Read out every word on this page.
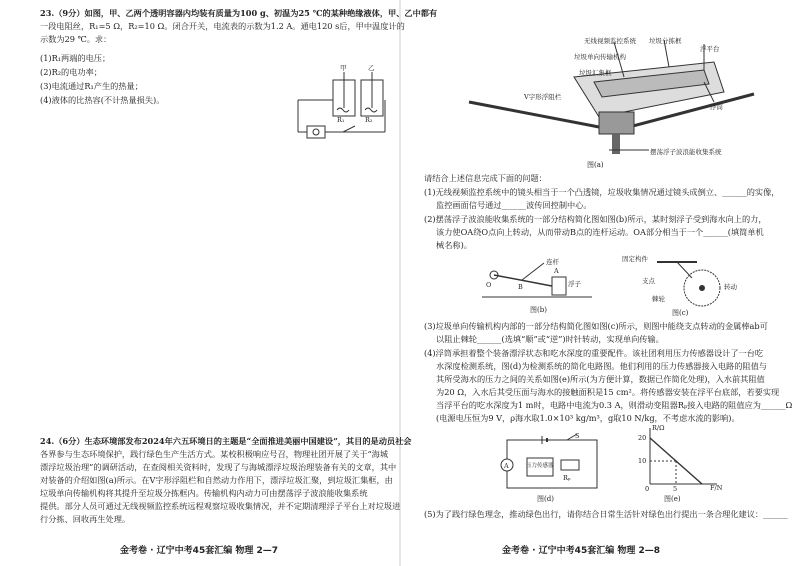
23.（9分）如图，甲、乙两个透明容器内均装有质量为100 g、初温为25 ℃的某种绝缘液体，甲、乙中都有
一段电阻丝，R₁=5 Ω，R₂=10 Ω。闭合开关，电流表的示数为1.2 A。通电120 s后，甲中温度计的
示数为29 ℃。求：
(1)R₁两端的电压；
(2)R₂的电功率；
(3)电流通过R₁产生的热量；
(4)液体的比热容(不计热量损失)。
甲	乙
R₁	R₂
24.（6分）生态环境部发布2024年六五环境日的主题是“全面推进美丽中国建设”，其目的是动员社会
各界参与生态环境保护，践行绿色生产生活方式。某校积极响应号召，物理社团开展了关于“海城
漂浮垃圾治理”的调研活动，在查阅相关资料时，发现了与海城漂浮垃圾治理装备有关的文章，其中
对装备的介绍如图(a)所示。在V字形浮阻栏和自然动力作用下，漂浮垃圾汇聚，到垃圾汇集框，由
垃圾单向传输机构将其提升至垃圾分拣框内。传输机构内动力可由摆荡浮子波浪能收集系统
提供。部分人员可通过无线视频监控系统远程观察垃圾收集情况，并不定期清理浮子平台上对垃圾进
行分拣、回收再生处理。
金考卷 · 辽宁中考45套汇编 物理 2—7
无线视频监控系统 垃圾分拣框
浮平台
垃圾单向传输机构
垃圾汇集框
V字形浮阻栏
浮筒
摆荡浮子波浪能收集系统
图(a)
请结合上述信息完成下面的问题：
(1)无线视频监控系统中的镜头相当于一个凸透镜，垃圾收集情况通过镜头成倒立、______的实像，
监控画面信号通过______波传回控制中心。
(2)摆荡浮子波浪能收集系统的一部分结构简化图如图(b)所示，某时刻浮子受到海水向上的力，
该力使OA绕O点向上转动，从而带动B点的连杆运动。OA部分相当于一个______(填简单机
械名称)。
连杆
浮子
O
A
B
图(b)
固定构件
支点
转动
棘轮
图(c)
(3)垃圾单向传输机构内部的一部分结构简化图如图(c)所示，则图中能绕支点转动的金属棒ab可
以阻止棘轮______(选填“顺”或“逆”)时针转动，实现单向传输。
(4)浮筒承担着整个装备漂浮状态和吃水深度的重要配件。该社团利用压力传感器设计了一台吃
水深度检测系统，图(d)为检测系统的简化电路图。他们利用的压力传感器接入电路的阻值与
其所受海水的压力之间的关系如图(e)所示(为方便计算，数据已作简化处理)，入水前其阻值
为20 Ω，入水后其受压面与海水的接触面积是15 cm²。将传感器安装在浮平台底部，若要实现
当浮平台的吃水深度为1 m时，电路中电流为0.3 A，则滑动变阻器Rₚ接入电路的阻值应为______Ω
(电源电压恒为9 V，ρ海水取1.0×10³ kg/m³，g取10 N/kg，不考虑水流的影响)。
A
S
压力传感器
Rₚ
图(d)
R/Ω
F/N
20
10
0	5
图(e)
(5)为了践行绿色理念，推动绿色出行，请你结合日常生活针对绿色出行提出一条合理化建议：______
金考卷 · 辽宁中考45套汇编 物理 2—8
